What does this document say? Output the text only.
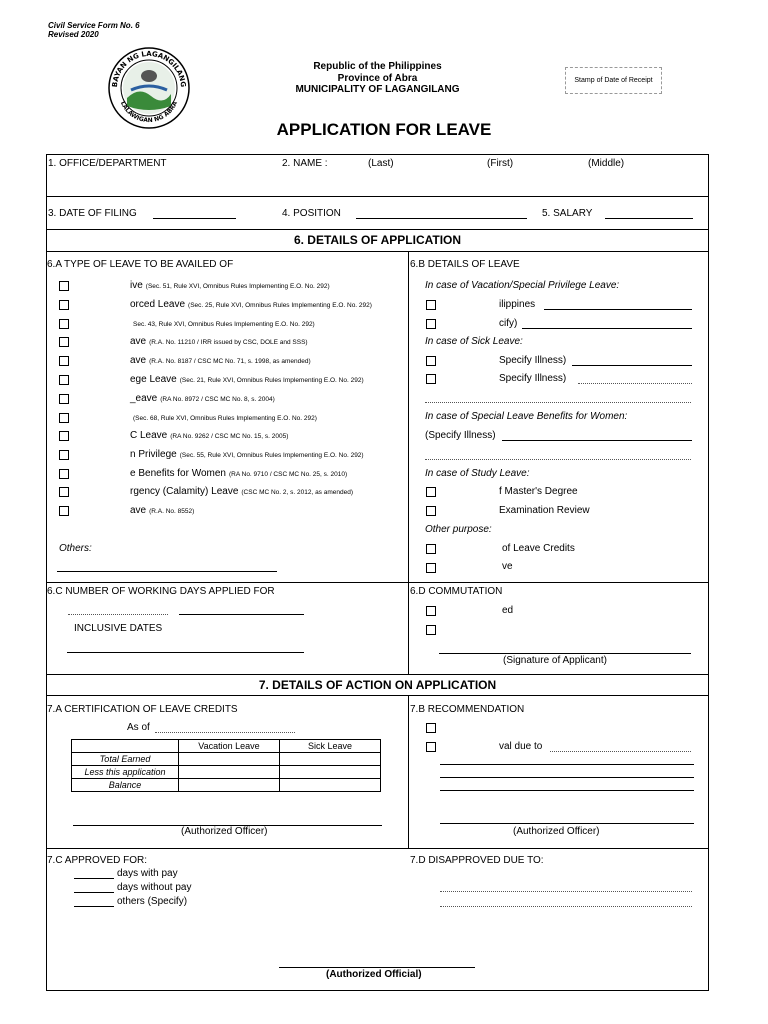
Civil Service Form No. 6
Revised 2020
BAYAN NG LAGANGILANG
LALAWIGAN NG ABRA
Republic of the Philippines
Province of Abra
MUNICIPALITY OF LAGANGILANG
Stamp of Date of Receipt
APPLICATION FOR LEAVE
1. OFFICE/DEPARTMENT	2. NAME :	(Last)	(First)	(Middle)
3. DATE OF FILING	4. POSITION	5. SALARY
6. DETAILS OF APPLICATION
6.A TYPE OF LEAVE TO BE AVAILED OF
ive (Sec. 51, Rule XVI, Omnibus Rules Implementing E.O. No. 292)
orced Leave (Sec. 25, Rule XVI, Omnibus Rules Implementing E.O. No. 292)
Sec. 43, Rule XVI, Omnibus Rules Implementing E.O. No. 292)
ave (R.A. No. 11210 / IRR issued by CSC, DOLE and SSS)
ave (R.A. No. 8187 / CSC MC No. 71, s. 1998, as amended)
ege Leave (Sec. 21, Rule XVI, Omnibus Rules Implementing E.O. No. 292)
_eave (RA No. 8972 / CSC MC No. 8, s. 2004)
(Sec. 68, Rule XVI, Omnibus Rules Implementing E.O. No. 292)
C Leave (RA No. 9262 / CSC MC No. 15, s. 2005)
n Privilege (Sec. 55, Rule XVI, Omnibus Rules Implementing E.O. No. 292)
e Benefits for Women (RA No. 9710 / CSC MC No. 25, s. 2010)
rgency (Calamity) Leave (CSC MC No. 2, s. 2012, as amended)
ave (R.A. No. 8552)
Others:
6.B DETAILS OF LEAVE
In case of Vacation/Special Privilege Leave:
ilippines
cify)
In case of Sick Leave:
Specify Illness)
Specify Illness)
In case of Special Leave Benefits for Women:
(Specify Illness)
In case of Study Leave:
f Master's Degree
Examination Review
Other purpose:
of Leave Credits
ve
6.C NUMBER OF WORKING DAYS APPLIED FOR
INCLUSIVE DATES
6.D COMMUTATION
ed
(Signature of Applicant)
7. DETAILS OF ACTION ON APPLICATION
7.A CERTIFICATION OF LEAVE CREDITS
As of
	Vacation Leave	Sick Leave
Total Earned		
Less this application		
Balance		
(Authorized Officer)
7.B RECOMMENDATION
val due to
(Authorized Officer)
7.C APPROVED FOR:
days with pay
days without pay
others (Specify)
7.D DISAPPROVED DUE TO:
(Authorized Official)
